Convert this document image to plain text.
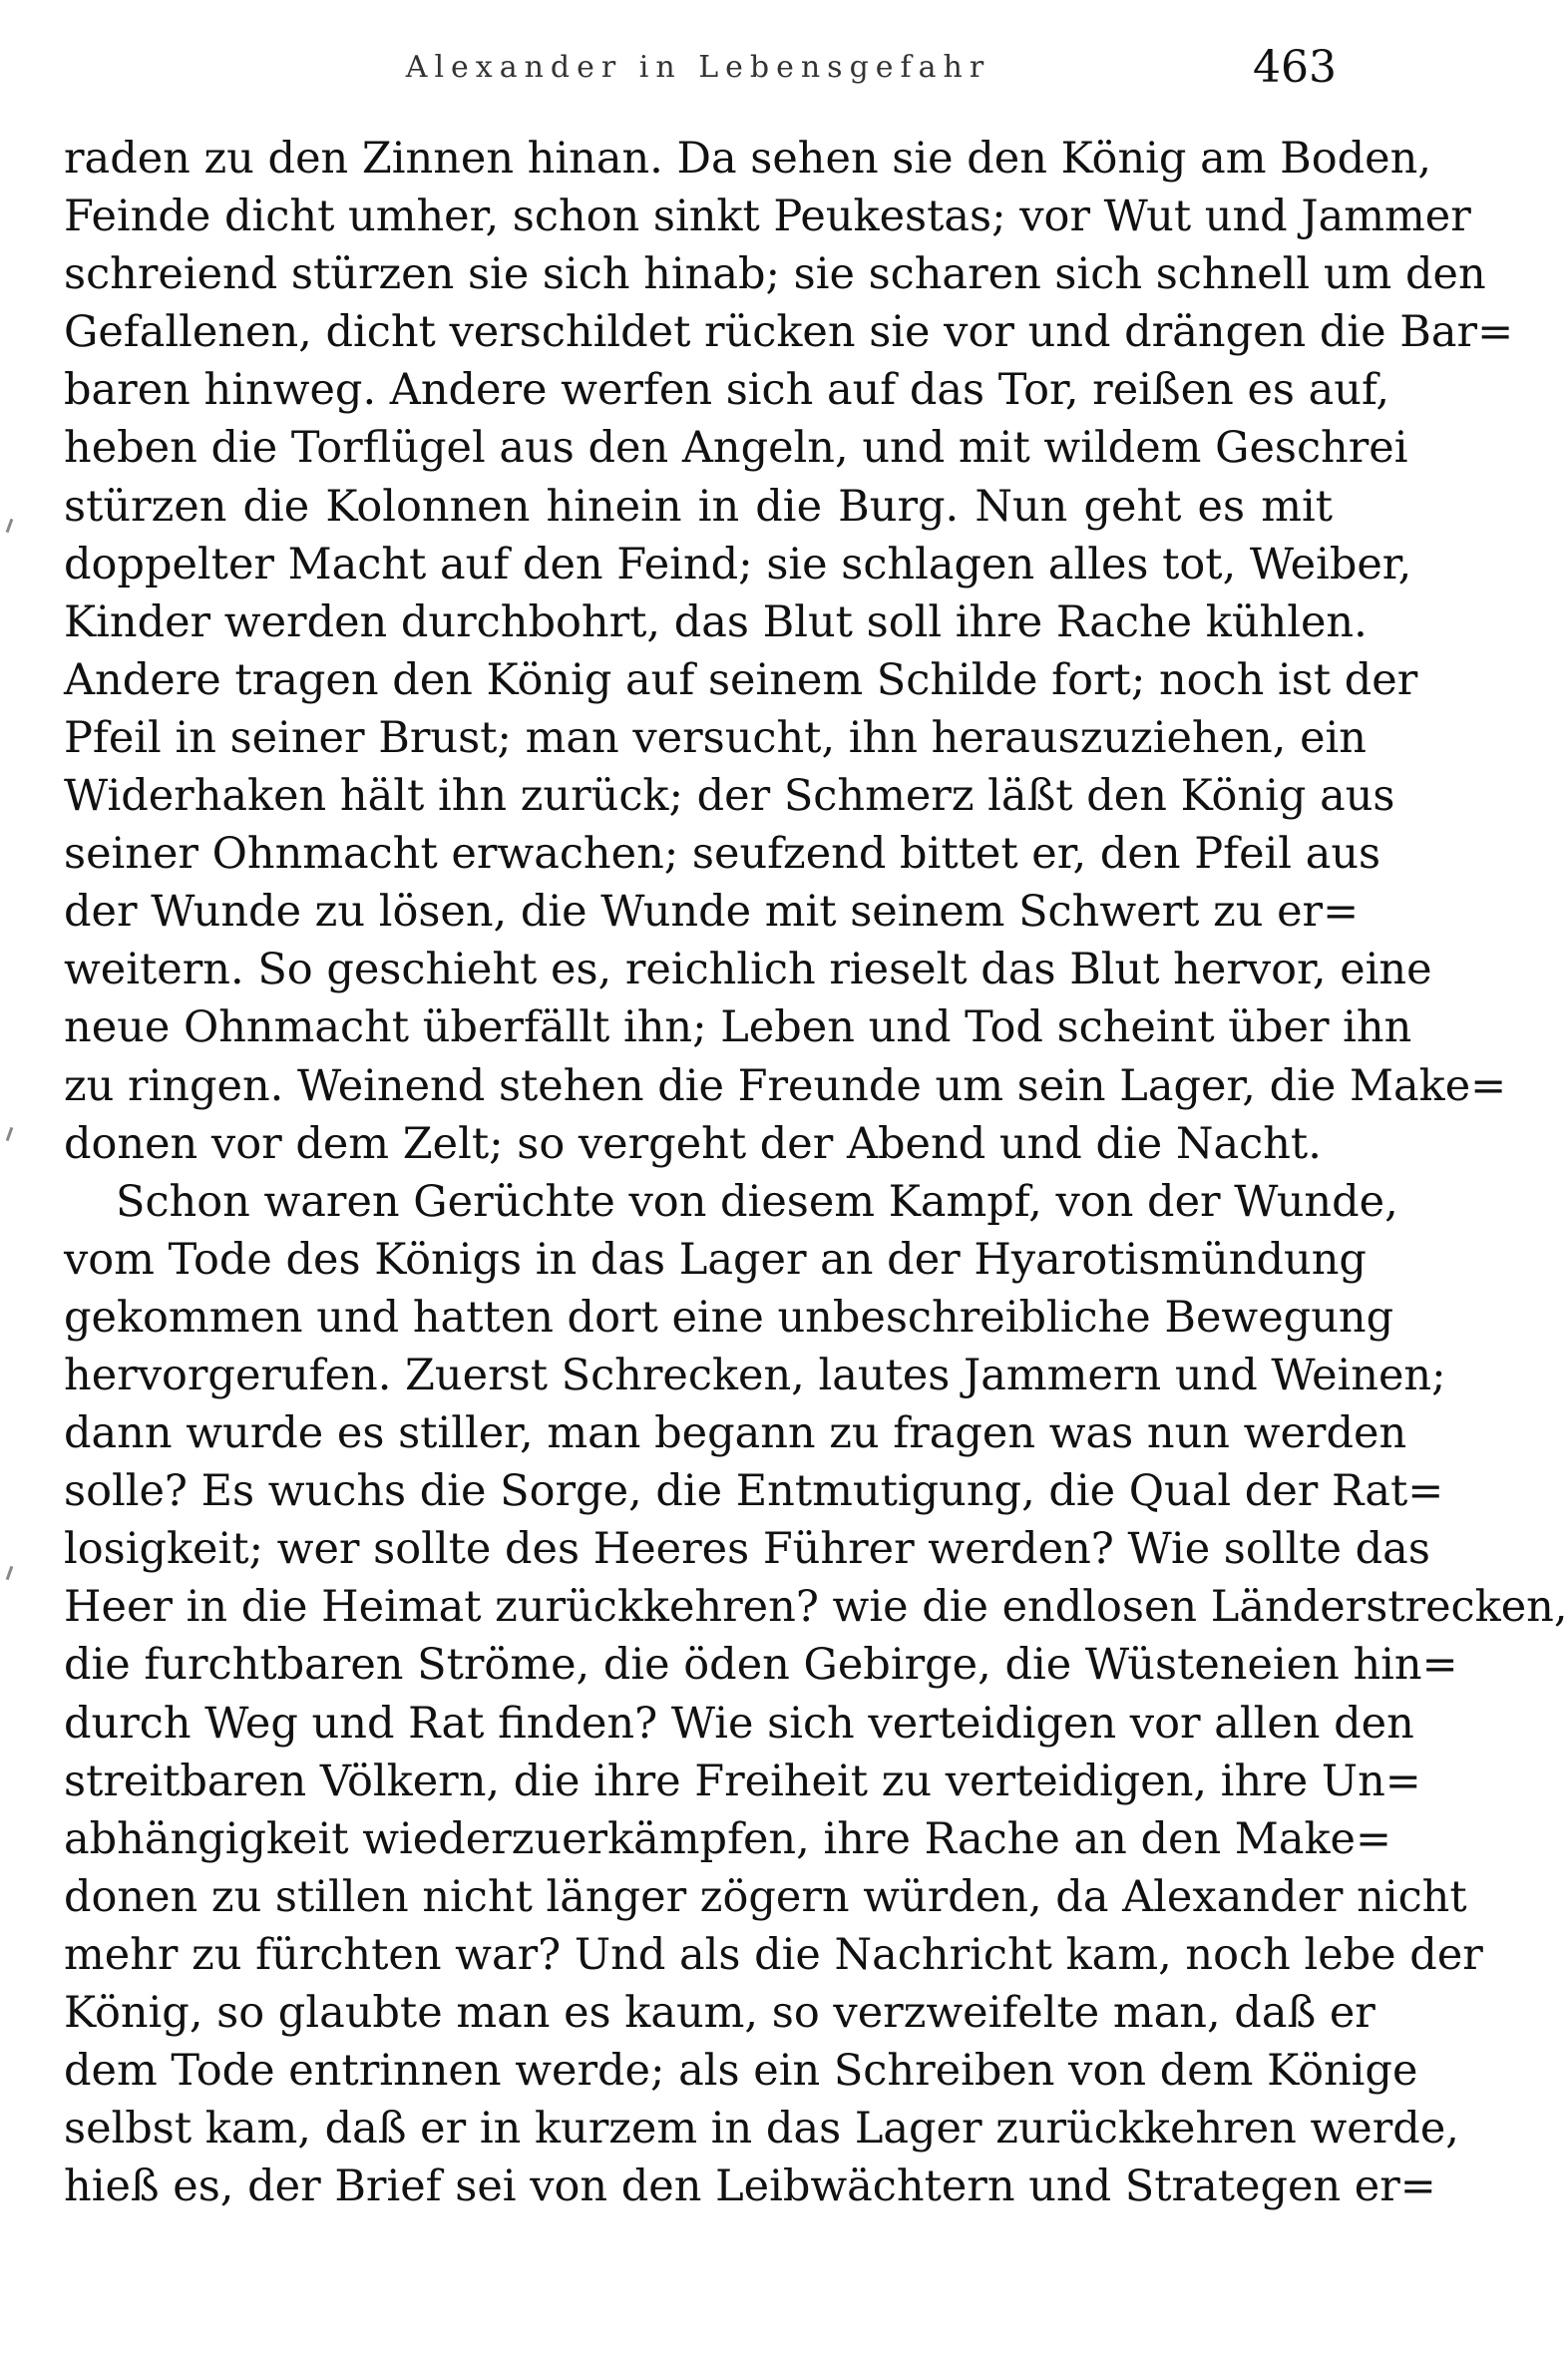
Alexander in Lebensgefahr	463
raden zu den Zinnen hinan. Da sehen sie den König am Boden,
Feinde dicht umher, schon sinkt Peukestas; vor Wut und Jammer
schreiend stürzen sie sich hinab; sie scharen sich schnell um den
Gefallenen, dicht verschildet rücken sie vor und drängen die Bar=
baren hinweg. Andere werfen sich auf das Tor, reißen es auf,
heben die Torflügel aus den Angeln, und mit wildem Geschrei
stürzen die Kolonnen hinein in die Burg. Nun geht es mit
doppelter Macht auf den Feind; sie schlagen alles tot, Weiber,
Kinder werden durchbohrt, das Blut soll ihre Rache kühlen.
Andere tragen den König auf seinem Schilde fort; noch ist der
Pfeil in seiner Brust; man versucht, ihn herauszuziehen, ein
Widerhaken hält ihn zurück; der Schmerz läßt den König aus
seiner Ohnmacht erwachen; seufzend bittet er, den Pfeil aus
der Wunde zu lösen, die Wunde mit seinem Schwert zu er=
weitern. So geschieht es, reichlich rieselt das Blut hervor, eine
neue Ohnmacht überfällt ihn; Leben und Tod scheint über ihn
zu ringen. Weinend stehen die Freunde um sein Lager, die Make=
donen vor dem Zelt; so vergeht der Abend und die Nacht.
Schon waren Gerüchte von diesem Kampf, von der Wunde,
vom Tode des Königs in das Lager an der Hyarotismündung
gekommen und hatten dort eine unbeschreibliche Bewegung
hervorgerufen. Zuerst Schrecken, lautes Jammern und Weinen;
dann wurde es stiller, man begann zu fragen was nun werden
solle? Es wuchs die Sorge, die Entmutigung, die Qual der Rat=
losigkeit; wer sollte des Heeres Führer werden? Wie sollte das
Heer in die Heimat zurückkehren? wie die endlosen Länderstrecken,
die furchtbaren Ströme, die öden Gebirge, die Wüsteneien hin=
durch Weg und Rat finden? Wie sich verteidigen vor allen den
streitbaren Völkern, die ihre Freiheit zu verteidigen, ihre Un=
abhängigkeit wiederzuerkämpfen, ihre Rache an den Make=
donen zu stillen nicht länger zögern würden, da Alexander nicht
mehr zu fürchten war? Und als die Nachricht kam, noch lebe der
König, so glaubte man es kaum, so verzweifelte man, daß er
dem Tode entrinnen werde; als ein Schreiben von dem Könige
selbst kam, daß er in kurzem in das Lager zurückkehren werde,
hieß es, der Brief sei von den Leibwächtern und Strategen er=
